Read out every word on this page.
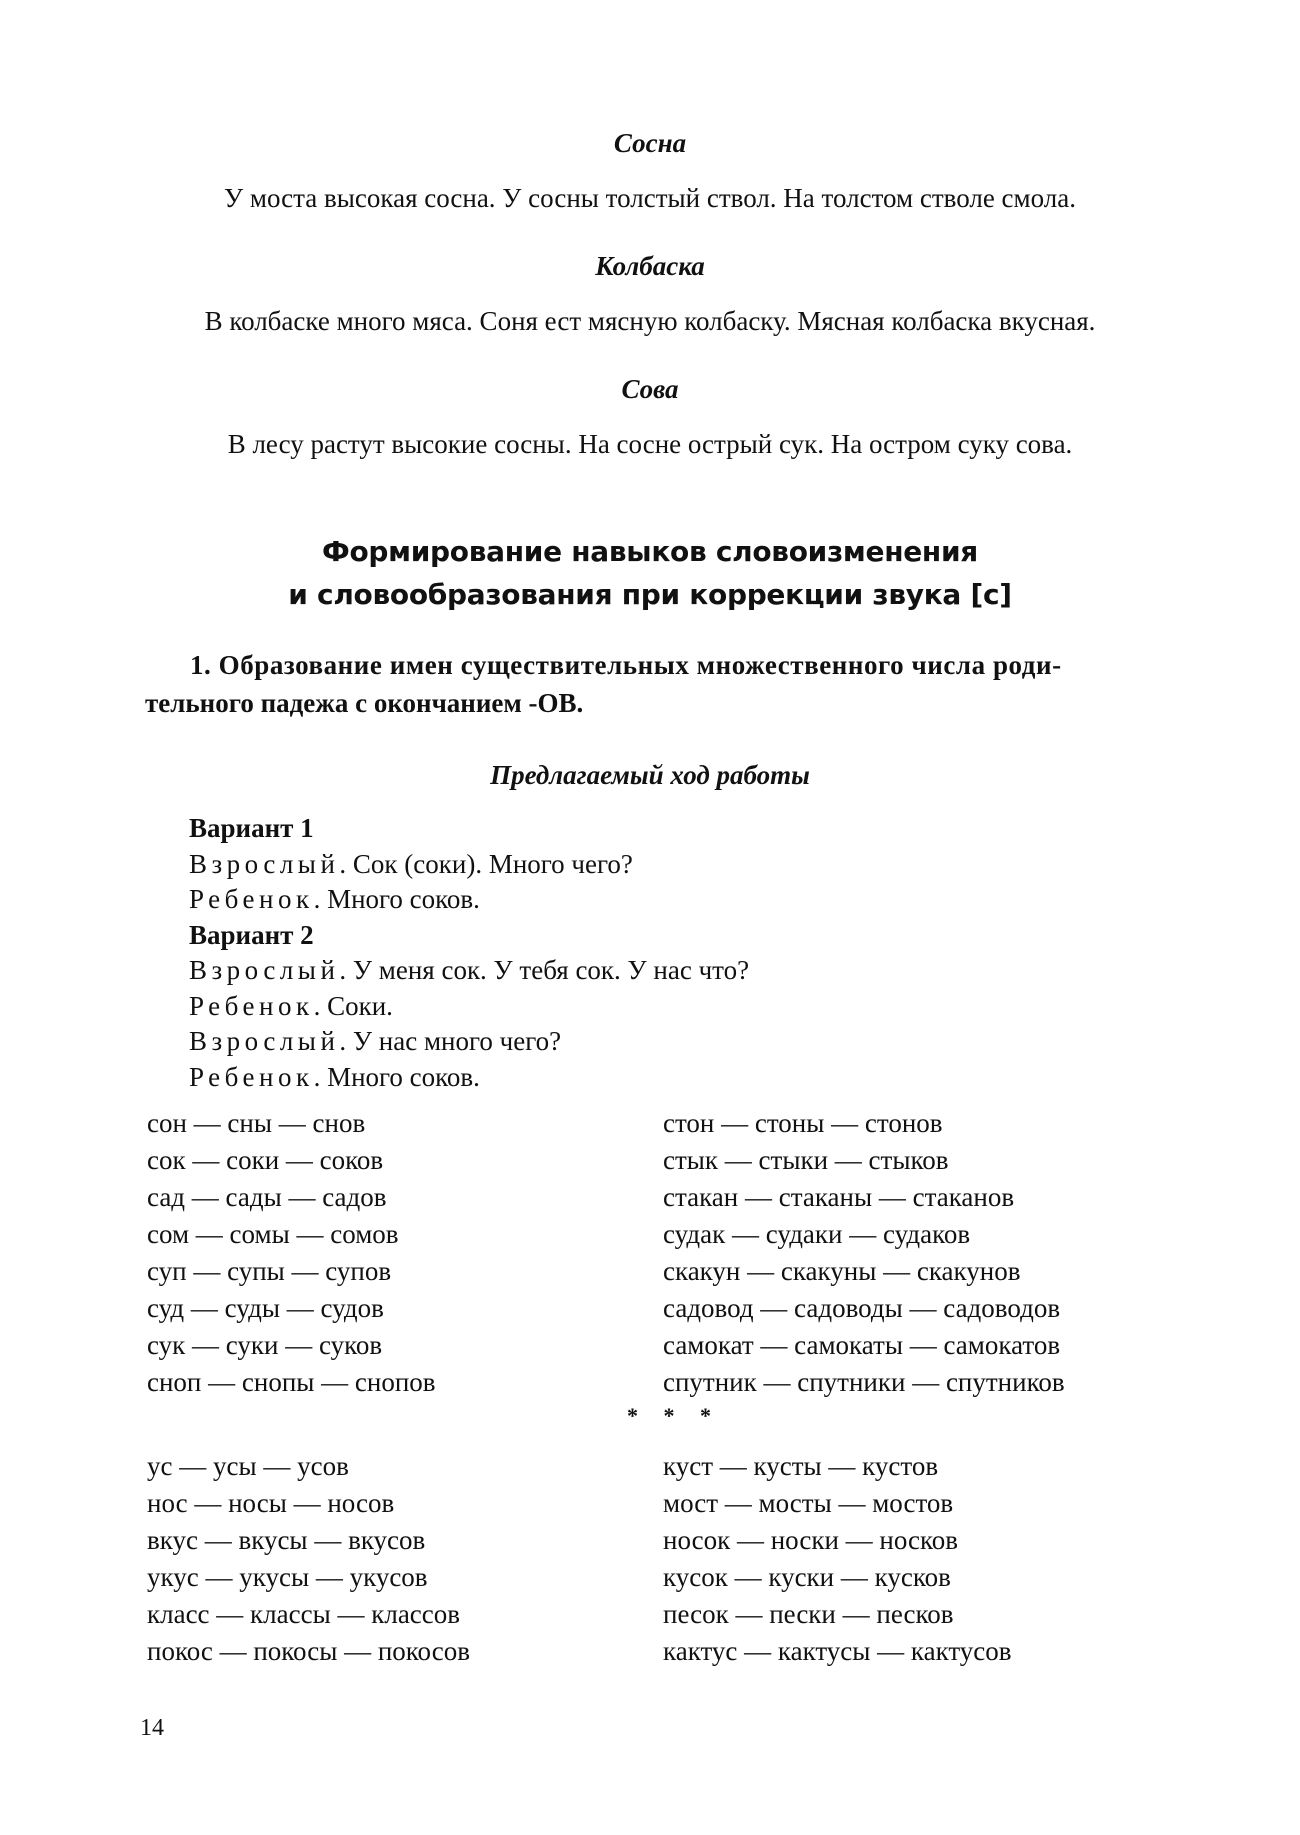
Сосна
У моста высокая сосна. У сосны толстый ствол. На толстом стволе смола.
Колбаска
В колбаске много мяса. Соня ест мясную колбаску. Мясная колбаска вкусная.
Сова
В лесу растут высокие сосны. На сосне острый сук. На остром суку сова.
Формирование навыков словоизменения
и словообразования при коррекции звука [с]
1. Образование имен существительных множественного числа роди-
тельного падежа с окончанием -ОВ.
Предлагаемый ход работы
Вариант 1
Взрослый. Сок (соки). Много чего?
Ребенок. Много соков.
Вариант 2
Взрослый. У меня сок. У тебя сок. У нас что?
Ребенок. Соки.
Взрослый. У нас много чего?
Ребенок. Много соков.
сон — сны — снов
сок — соки — соков
сад — сады — садов
сом — сомы — сомов
суп — супы — супов
суд — суды — судов
сук — суки — суков
сноп — снопы — снопов
стон — стоны — стонов
стык — стыки — стыков
стакан — стаканы — стаканов
судак — судаки — судаков
скакун — скакуны — скакунов
садовод — садоводы — садоводов
самокат — самокаты — самокатов
спутник — спутники — спутников
* * *
ус — усы — усов
нос — носы — носов
вкус — вкусы — вкусов
укус — укусы — укусов
класс — классы — классов
покос — покосы — покосов
куст — кусты — кустов
мост — мосты — мостов
носок — носки — носков
кусок — куски — кусков
песок — пески — песков
кактус — кактусы — кактусов
14
